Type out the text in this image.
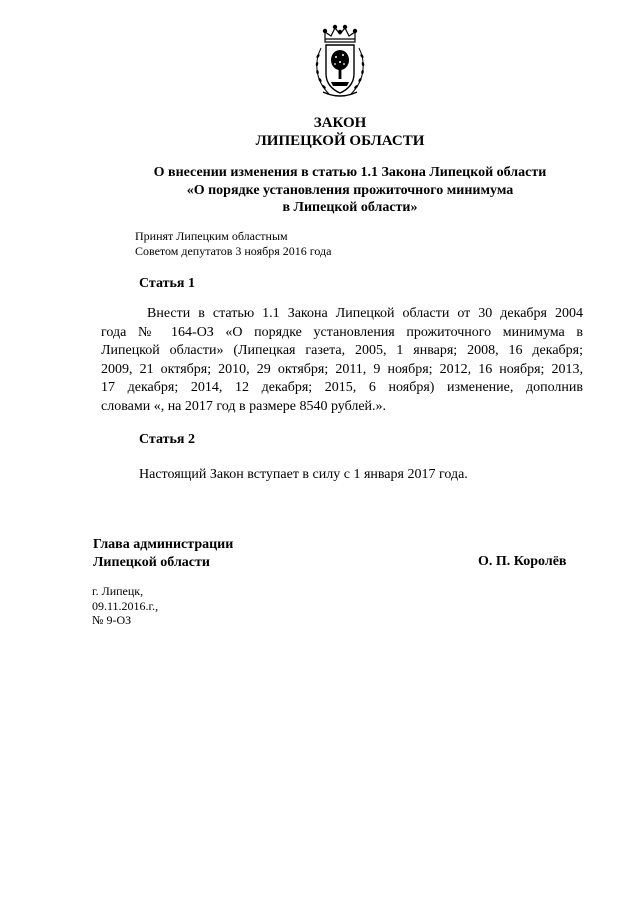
ЗАКОН
ЛИПЕЦКОЙ ОБЛАСТИ
О внесении изменения в статью 1.1 Закона Липецкой области
«О порядке установления прожиточного минимума
в Липецкой области»
Принят Липецким областным
Советом депутатов 3 ноября 2016 года
Статья 1
Внести в статью 1.1 Закона Липецкой области от 30 декабря 2004
года № 164-ОЗ «О порядке установления прожиточного минимума в
Липецкой области» (Липецкая газета, 2005, 1 января; 2008, 16 декабря;
2009, 21 октября; 2010, 29 октября; 2011, 9 ноября; 2012, 16 ноября; 2013,
17 декабря; 2014, 12 декабря; 2015, 6 ноября) изменение, дополнив
словами «, на 2017 год в размере 8540 рублей.».
Статья 2
Настоящий Закон вступает в силу с 1 января 2017 года.
Глава администрации
Липецкой области	О. П. Королёв
г. Липецк,
09.11.2016.г.,
№ 9-ОЗ
